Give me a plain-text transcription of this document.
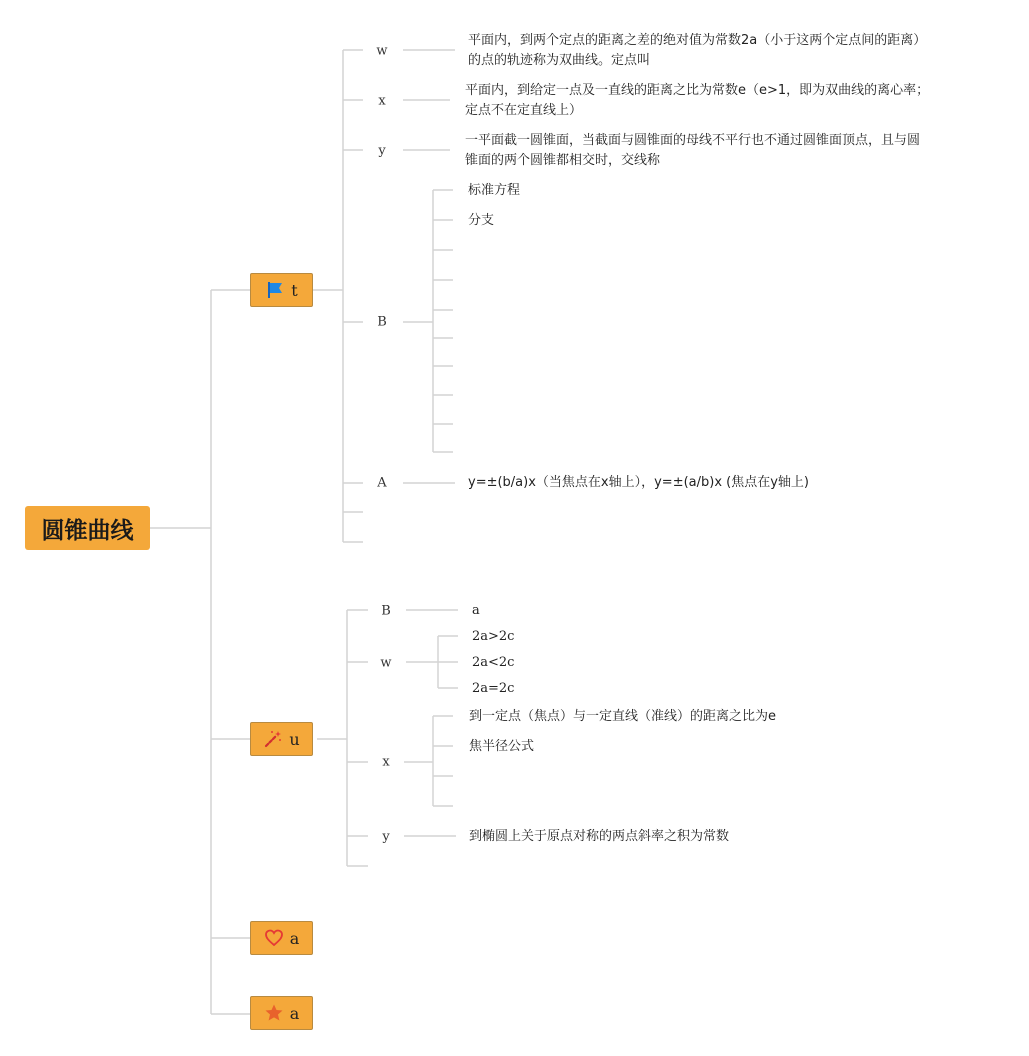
圆锥曲线
t
w
x
y
B
A
平面内，到两个定点的距离之差的绝对值为常数2a（小于这两个定点间的距离）
的点的轨迹称为双曲线。定点叫
平面内，到给定一点及一直线的距离之比为常数e（e>1，即为双曲线的离心率；
定点不在定直线上）
一平面截一圆锥面，当截面与圆锥面的母线不平行也不通过圆锥面顶点，且与圆
锥面的两个圆锥都相交时，交线称
标准方程
分支
y=±(b/a)x（当焦点在x轴上），y=±(a/b)x (焦点在y轴上)
u
B
w
x
y
a
2a>2c
2a<2c
2a=2c
到一定点（焦点）与一定直线（准线）的距离之比为e
焦半径公式
到椭圆上关于原点对称的两点斜率之积为常数
a
a
